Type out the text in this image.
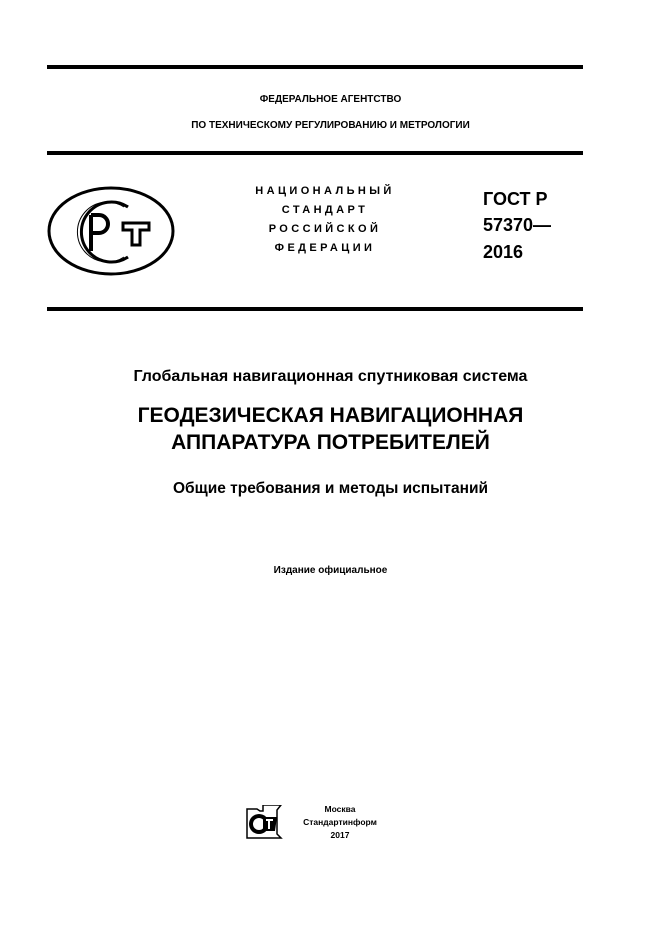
ФЕДЕРАЛЬНОЕ АГЕНТСТВО
ПО ТЕХНИЧЕСКОМУ РЕГУЛИРОВАНИЮ И МЕТРОЛОГИИ
НАЦИОНАЛЬНЫЙ
СТАНДАРТ
РОССИЙСКОЙ
ФЕДЕРАЦИИ
ГОСТ Р
57370—
2016
Глобальная навигационная спутниковая система
ГЕОДЕЗИЧЕСКАЯ НАВИГАЦИОННАЯ
АППАРАТУРА ПОТРЕБИТЕЛЕЙ
Общие требования и методы испытаний
Издание официальное
Москва
Стандартинформ
2017
